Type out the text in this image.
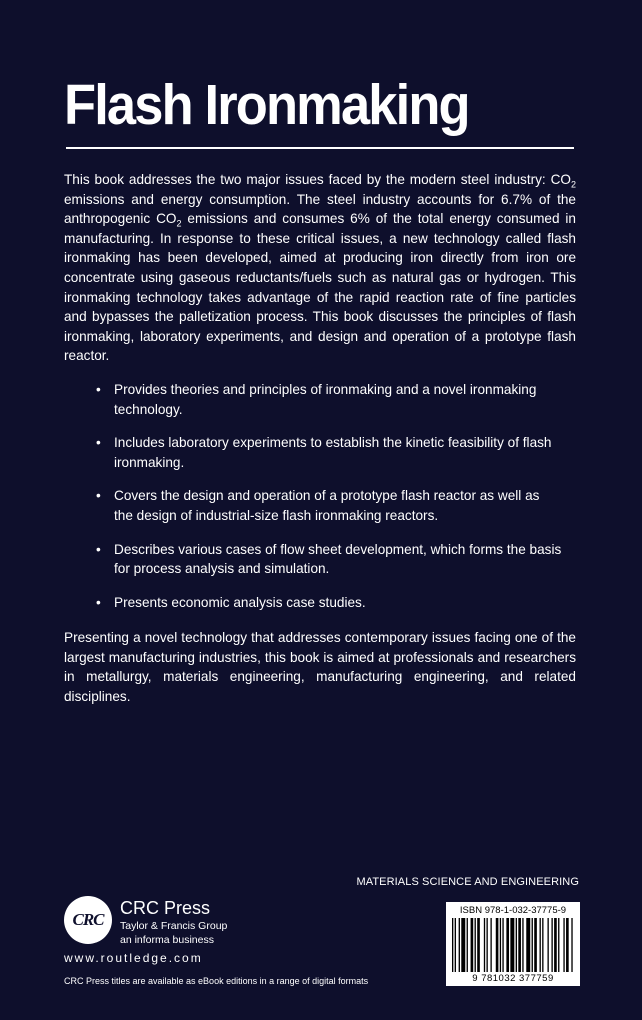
Flash Ironmaking

This book addresses the two major issues faced by the modern steel industry: $CO_2$ emissions and energy consumption. The steel industry accounts for 6.7% of the anthropogenic $CO_2$ emissions and consumes 6% of the total energy consumed in manufacturing. In response to these critical issues, a new technology called flash ironmaking has been developed, aimed at producing iron directly from iron ore concentrate using gaseous reductants/fuels such as natural gas or hydrogen. This ironmaking technology takes advantage of the rapid reaction rate of fine particles and bypasses the palletization process. This book discusses the principles of flash ironmaking, laboratory experiments, and design and operation of a prototype flash reactor.

• Provides theories and principles of ironmaking and a novel ironmaking technology.
• Includes laboratory experiments to establish the kinetic feasibility of flash ironmaking.
• Covers the design and operation of a prototype flash reactor as well as the design of industrial-size flash ironmaking reactors.
• Describes various cases of flow sheet development, which forms the basis for process analysis and simulation.
• Presents economic analysis case studies.

Presenting a novel technology that addresses contemporary issues facing one of the largest manufacturing industries, this book is aimed at professionals and researchers in metallurgy, materials engineering, manufacturing engineering, and related disciplines.

MATERIALS SCIENCE AND ENGINEERING
CRC
CRC Press
Taylor & Francis Group
an informa business
www.routledge.com
CRC Press titles are available as eBook editions in a range of digital formats
ISBN 978-1-032-37775-9
9 781032 377759
